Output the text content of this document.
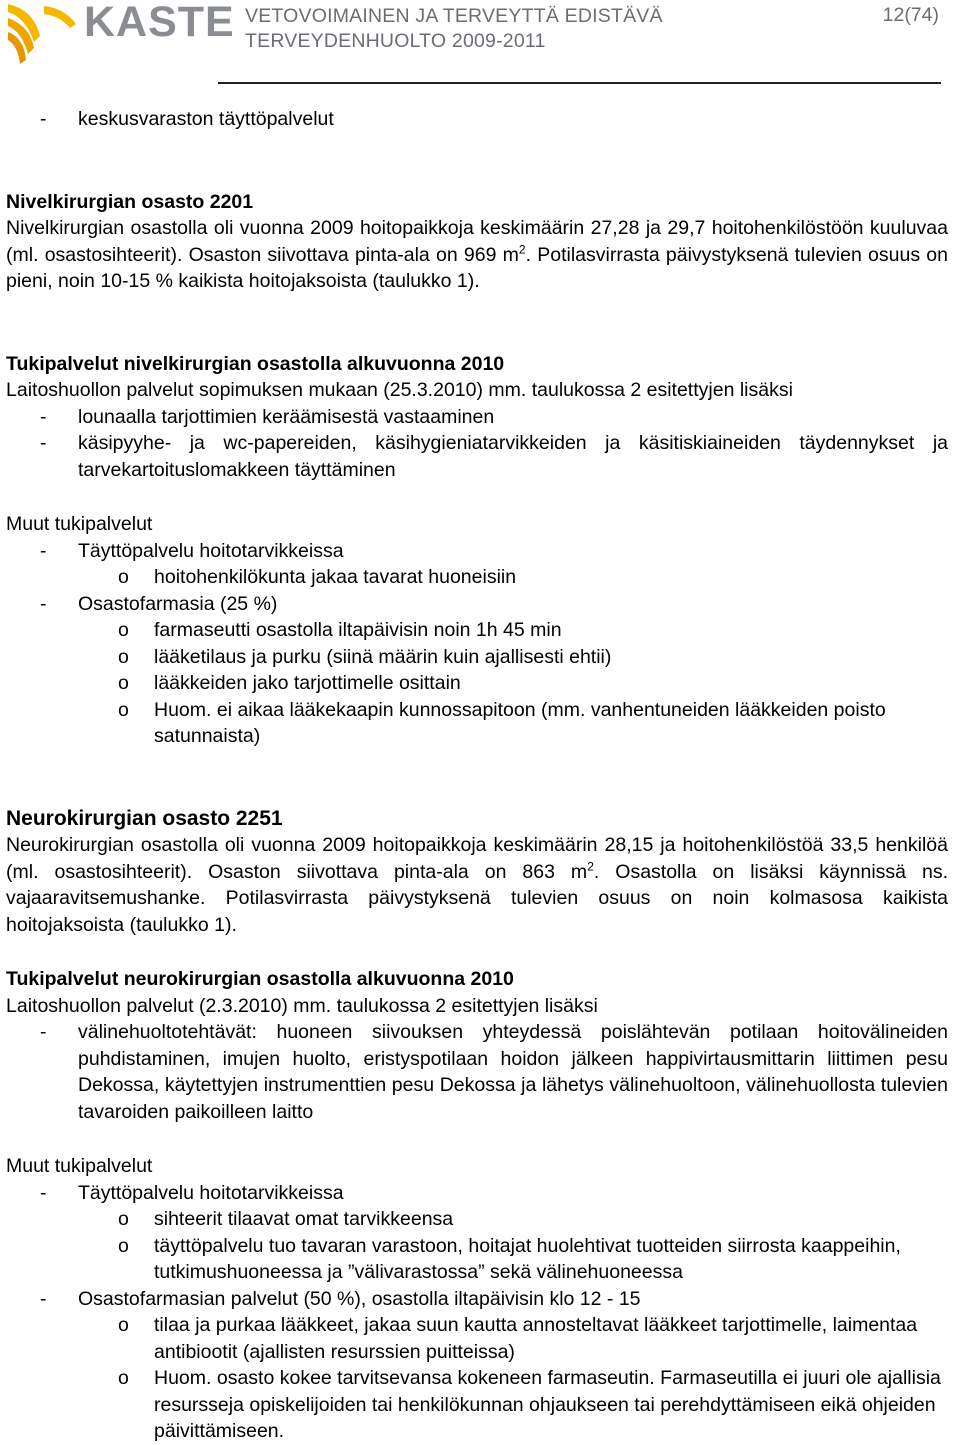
KASTE VETOVOIMAINEN JA TERVEYTTÄ EDISTÄVÄ
TERVEYDENHUOLTO 2009-2011
12(74)

- keskusvaraston täyttöpalvelut

Nivelkirurgian osasto 2201

Nivelkirurgian osastolla oli vuonna 2009 hoitopaikkoja keskimäärin 27,28 ja 29,7 hoitohenkilöstöön kuuluvaa (ml. osastosihteerit). Osaston siivottava pinta-ala on 969 $m^2$. Potilasvirrasta päivystyksenä tulevien osuus on pieni, noin 10-15 % kaikista hoitojaksoista (taulukko 1).

Tukipalvelut nivelkirurgian osastolla alkuvuonna 2010

Laitoshuollon palvelut sopimuksen mukaan (25.3.2010) mm. taulukossa 2 esitettyjen lisäksi

- lounaalla tarjottimien keräämisestä vastaaminen

- käsipyyhe- ja wc-papereiden, käsihygieniatarvikkeiden ja käsitiskiaineiden täydennykset ja tarvekartoituslomakkeen täyttäminen

Muut tukipalvelut

- Täyttöpalvelu hoitotarvikkeissa

o hoitohenkilökunta jakaa tavarat huoneisiin

- Osastofarmasia (25 %)

o farmaseutti osastolla iltapäivisin noin 1h 45 min

o lääketilaus ja purku (siinä määrin kuin ajallisesti ehtii)

o lääkkeiden jako tarjottimelle osittain

o Huom. ei aikaa lääkekaapin kunnossapitoon (mm. vanhentuneiden lääkkeiden poisto satunnaista)

Neurokirurgian osasto 2251

Neurokirurgian osastolla oli vuonna 2009 hoitopaikkoja keskimäärin 28,15 ja hoitohenkilöstöä 33,5 henkilöä (ml. osastosihteerit). Osaston siivottava pinta-ala on 863 $m^2$. Osastolla on lisäksi käynnissä ns. vajaaravitsemushanke. Potilasvirrasta päivystyksenä tulevien osuus on noin kolmasosa kaikista hoitojaksoista (taulukko 1).

Tukipalvelut neurokirurgian osastolla alkuvuonna 2010

Laitoshuollon palvelut (2.3.2010) mm. taulukossa 2 esitettyjen lisäksi

- välinehuoltotehtävät: huoneen siivouksen yhteydessä poislähtevän potilaan hoitovälineiden puhdistaminen, imujen huolto, eristyspotilaan hoidon jälkeen happivirtausmittarin liittimen pesu Dekossa, käytettyjen instrumenttien pesu Dekossa ja lähetys välinehuoltoon, välinehuollosta tulevien tavaroiden paikoilleen laitto

Muut tukipalvelut

- Täyttöpalvelu hoitotarvikkeissa

o sihteerit tilaavat omat tarvikkeensa

o täyttöpalvelu tuo tavaran varastoon, hoitajat huolehtivat tuotteiden siirrosta kaappeihin, tutkimushuoneessa ja ”välivarastossa” sekä välinehuoneessa

- Osastofarmasian palvelut (50 %), osastolla iltapäivisin klo 12 - 15

o tilaa ja purkaa lääkkeet, jakaa suun kautta annosteltavat lääkkeet tarjottimelle, laimentaa antibiootit (ajallisten resurssien puitteissa)

o Huom. osasto kokee tarvitsevansa kokeneen farmaseutin. Farmaseutilla ei juuri ole ajallisia resursseja opiskelijoiden tai henkilökunnan ohjaukseen tai perehdyttämiseen eikä ohjeiden päivittämiseen.
